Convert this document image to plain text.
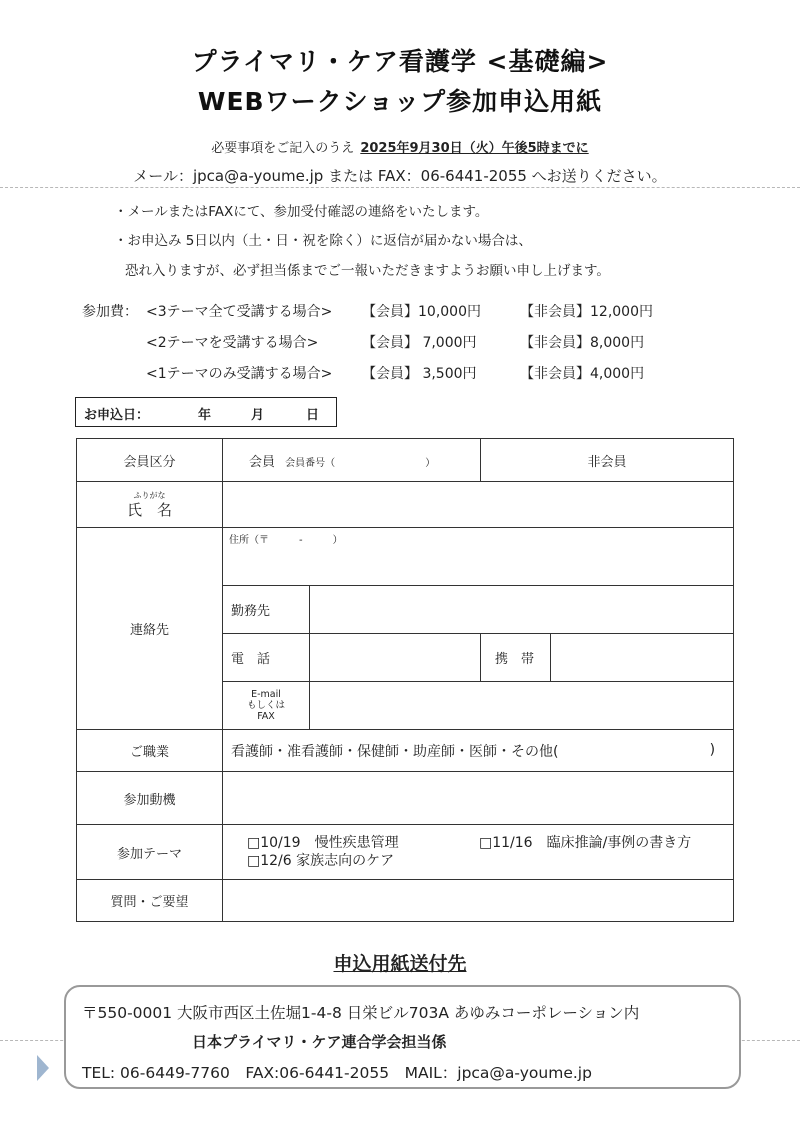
プライマリ・ケア看護学 <基礎編>
WEBワークショップ参加申込用紙
必要事項をご記入のうえ 2025年9月30日（火）午後5時までに
メール：jpca@a-youme.jp または FAX：06-6441-2055 へお送りください。
・メールまたはFAXにて、参加受付確認の連絡をいたします。
・お申込み 5日以内（土・日・祝を除く）に返信が届かない場合は、
恐れ入りますが、必ず担当係までご一報いただきますようお願い申し上げます。
参加費： <3テーマ全て受講する場合> 【会員】10,000円	【非会員】12,000円
<2テーマを受講する場合>	【会員】 7,000円	【非会員】8,000円
<1テーマのみ受講する場合> 【会員】 3,500円	【非会員】4,000円
お申込日：	年	月	日
会員区分	会員 会員番号（ ）		非会員	

ふりがな
氏　名				

連絡先	住所（〒　　　-　　　）			
	勤務先			
	電　話		携　帯	

	E-mail
もしくは
FAX			

ご職業	看護師・准看護師・保健師・助産師・医師・その他( )			

参加動機				
参加テーマ	□10/19　慢性疾患管理 □11/16　臨床推論/事例の書き方
□12/6 家族志向のケア			

質問・ご要望				
申込用紙送付先
〒550-0001 大阪市西区土佐堀1-4-8 日栄ビル703A あゆみコーポレーション内
日本プライマリ・ケア連合学会担当係
TEL: 06-6449-7760　FAX:06-6441-2055　MAIL：jpca@a-youme.jp
